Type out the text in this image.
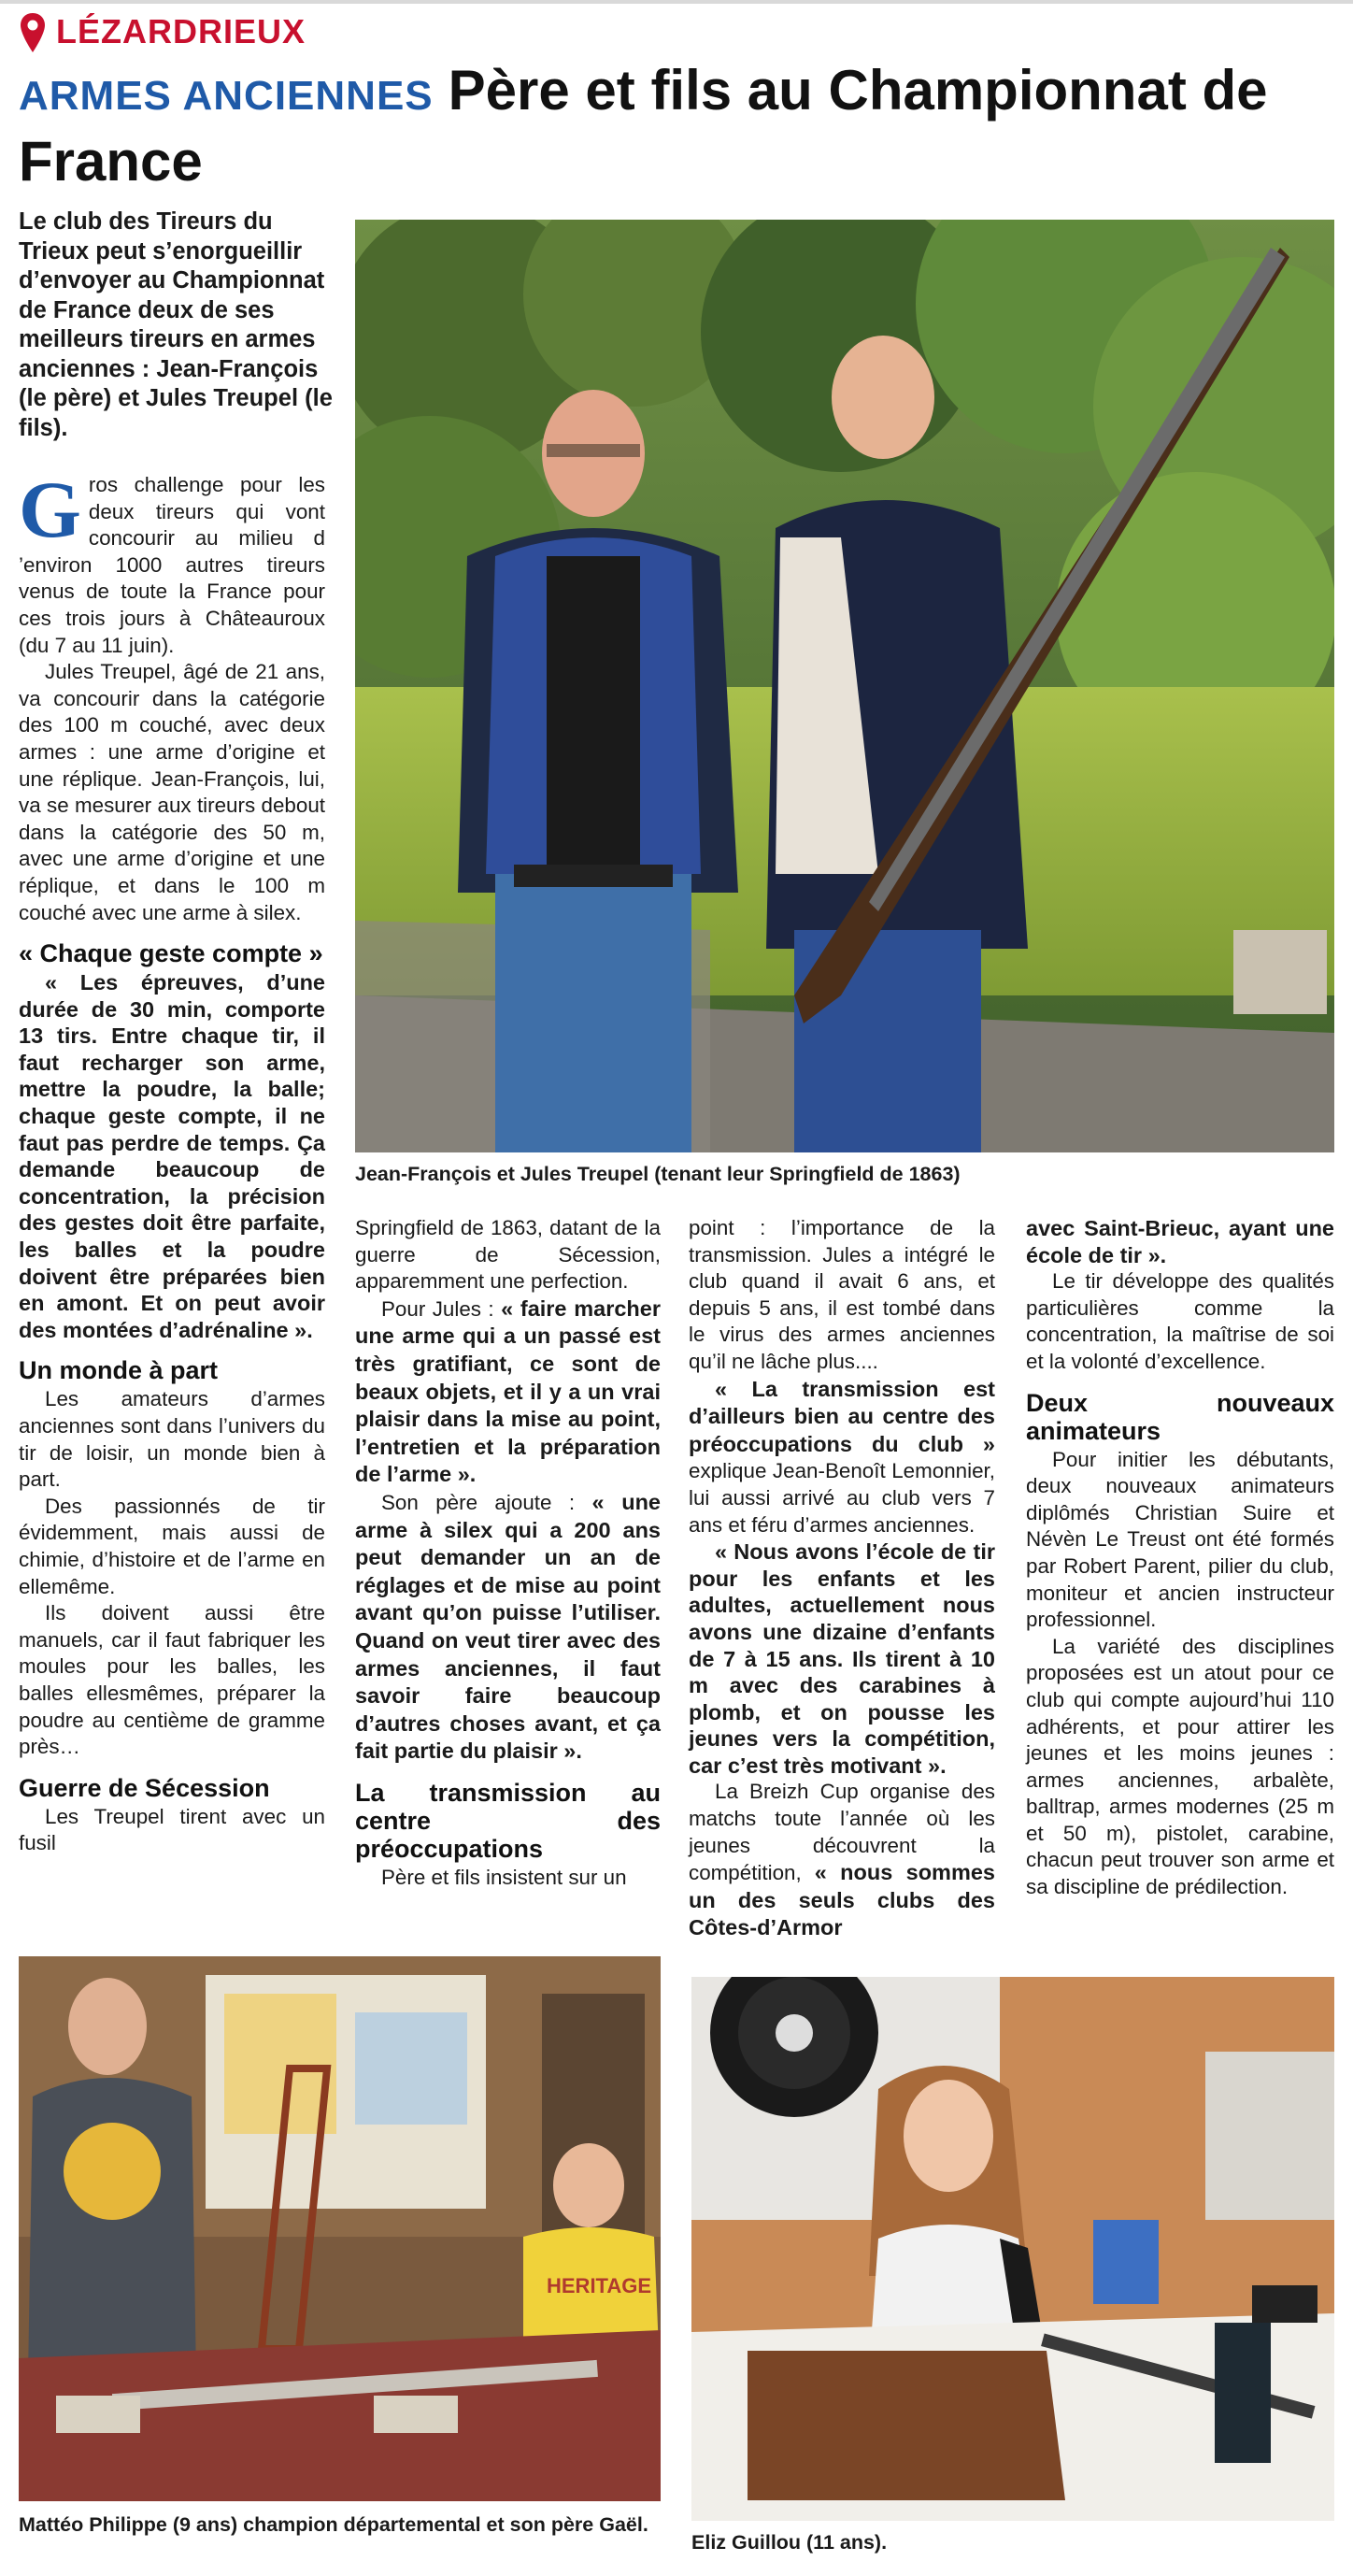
LÉZARDRIEUX
ARMES ANCIENNES Père et fils au Championnat de France
Le club des Tireurs du Trieux peut s’enorgueillir d’envoyer au Championnat de France deux de ses meilleurs tireurs en armes anciennes : Jean-François (le père) et Jules Treupel (le fils).

Gros challenge pour les deux tireurs qui vont concourir au milieu d ’environ 1000 autres tireurs venus de toute la France pour ces trois jours à Châteauroux (du 7 au 11 juin).

Jules Treupel, âgé de 21 ans, va concourir dans la catégorie des 100 m couché, avec deux armes : une arme d’origine et une réplique. Jean-François, lui, va se mesurer aux tireurs debout dans la catégorie des 50 m, avec une arme d’origine et une réplique, et dans le 100 m couché avec une arme à silex.

« Chaque geste compte »

« Les épreuves, d’une durée de 30 min, comporte 13 tirs. Entre chaque tir, il faut recharger son arme, mettre la poudre, la balle; chaque geste compte, il ne faut pas perdre de temps. Ça demande beaucoup de concentration, la précision des gestes doit être parfaite, les balles et la poudre doivent être préparées bien en amont. Et on peut avoir des montées d’adrénaline ».

Un monde à part

Les amateurs d’armes anciennes sont dans l’univers du tir de loisir, un monde bien à part.

Des passionnés de tir évidemment, mais aussi de chimie, d’histoire et de l’arme en ellemême.

Ils doivent aussi être manuels, car il faut fabriquer les moules pour les balles, les balles ellesmêmes, préparer la poudre au centième de gramme près…

Guerre de Sécession

Les Treupel tirent avec un fusil

Jean-François et Jules Treupel (tenant leur Springfield de 1863)

Springfield de 1863, datant de la guerre de Sécession, apparemment une perfection.

Pour Jules : « faire marcher une arme qui a un passé est très gratifiant, ce sont de beaux objets, et il y a un vrai plaisir dans la mise au point, l’entretien et la préparation de l’arme ».

Son père ajoute : « une arme à silex qui a 200 ans peut demander un an de réglages et de mise au point avant qu’on puisse l’utiliser. Quand on veut tirer avec des armes anciennes, il faut savoir faire beaucoup d’autres choses avant, et ça fait partie du plaisir ».

La transmission au centre des préoccupations

Père et fils insistent sur un

point : l’importance de la transmission. Jules a intégré le club quand il avait 6 ans, et depuis 5 ans, il est tombé dans le virus des armes anciennes qu’il ne lâche plus....

« La transmission est d’ailleurs bien au centre des préoccupations du club » explique Jean-Benoît Lemonnier, lui aussi arrivé au club vers 7 ans et féru d’armes anciennes.

« Nous avons l’école de tir pour les enfants et les adultes, actuellement nous avons une dizaine d’enfants de 7 à 15 ans. Ils tirent à 10 m avec des carabines à plomb, et on pousse les jeunes vers la compétition, car c’est très motivant ».

La Breizh Cup organise des matchs toute l’année où les jeunes découvrent la compétition, « nous sommes un des seuls clubs des Côtes-d’Armor

avec Saint-Brieuc, ayant une école de tir ».

Le tir développe des qualités particulières comme la concentration, la maîtrise de soi et la volonté d’excellence.

Deux nouveaux animateurs

Pour initier les débutants, deux nouveaux animateurs diplômés Christian Suire et Névèn Le Treust ont été formés par Robert Parent, pilier du club, moniteur et ancien instructeur professionnel.

La variété des disciplines proposées est un atout pour ce club qui compte aujourd’hui 110 adhérents, et pour attirer les jeunes et les moins jeunes : armes anciennes, arbalète, balltrap, armes modernes (25 m et 50 m), pistolet, carabine, chacun peut trouver son arme et sa discipline de prédilection.

HERITAGE
Mattéo Philippe (9 ans) champion départemental et son père Gaël.
Eliz Guillou (11 ans).
